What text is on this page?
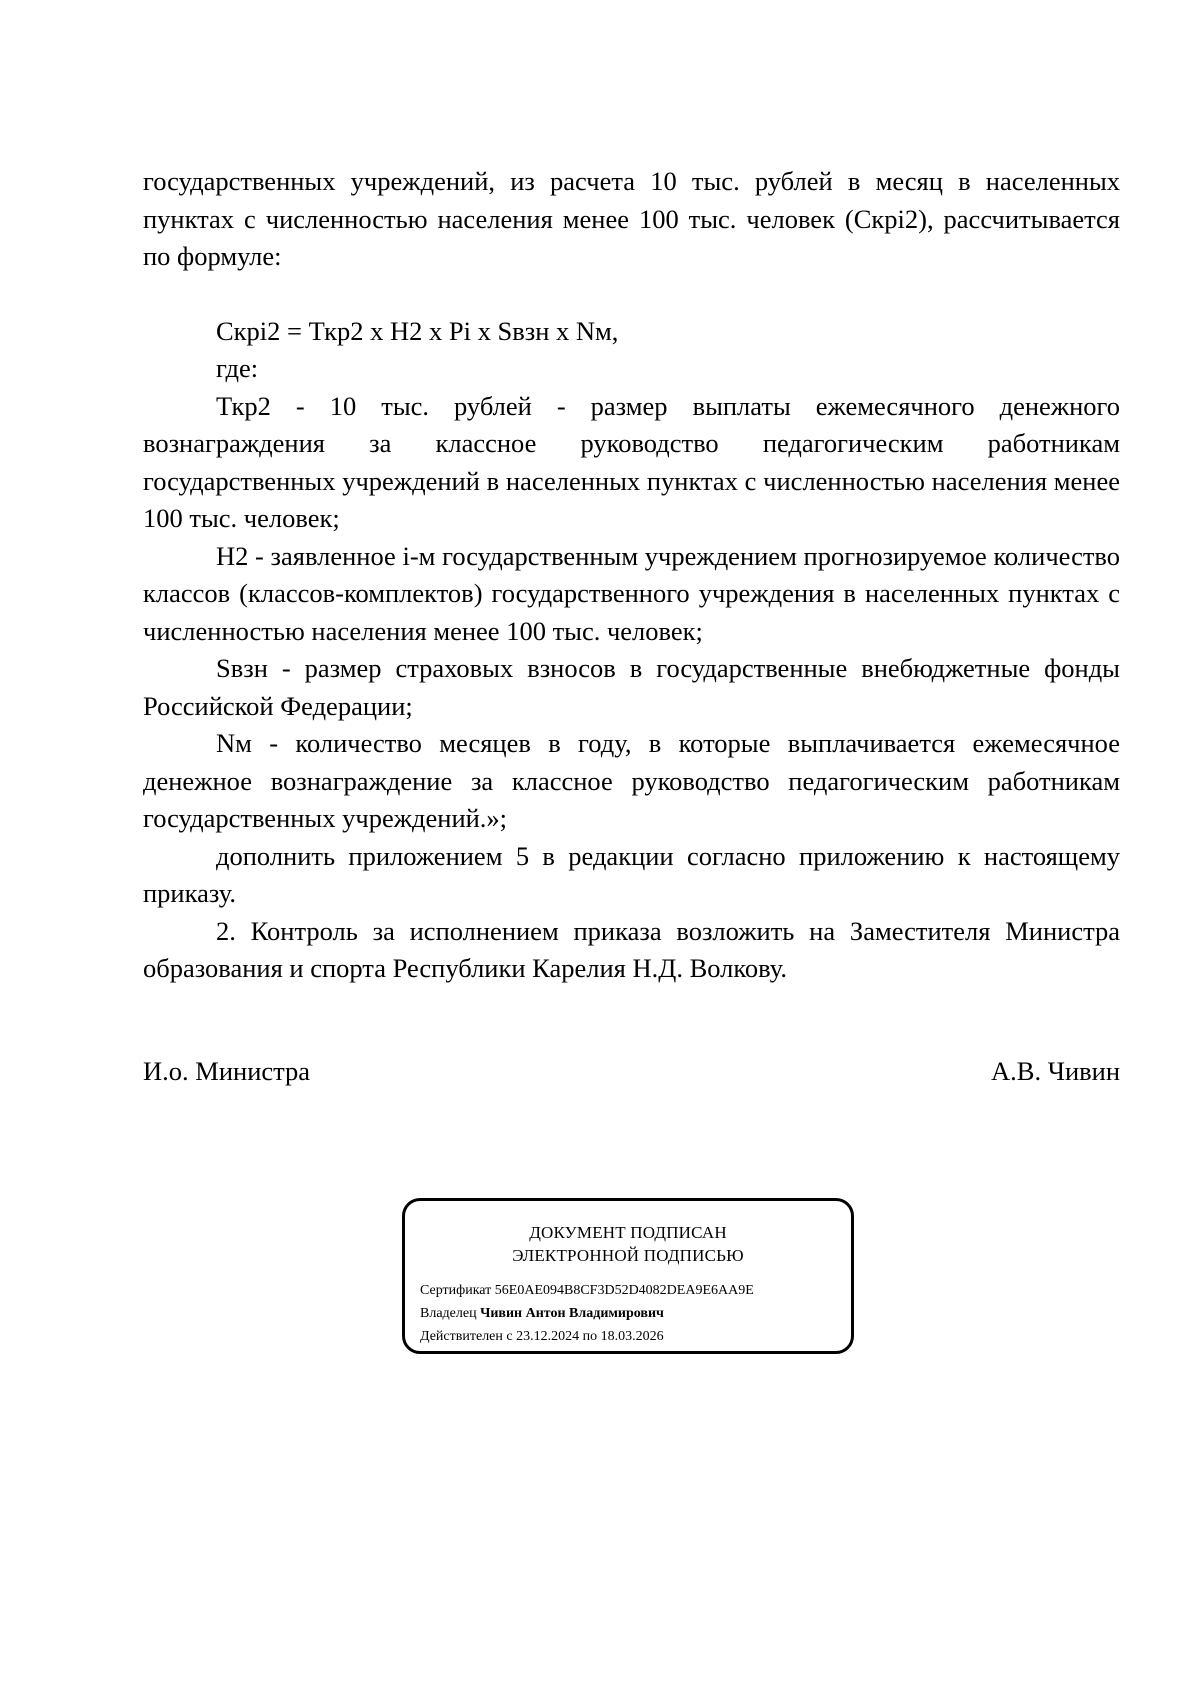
государственных учреждений, из расчета 10 тыс. рублей в месяц в населенных пунктах с численностью населения менее 100 тыс. человек (Скрi2), рассчитывается по формуле:

Скрi2 = Ткр2 x Н2 x Рi x Sвзн x Nм,

где:

Ткр2 - 10 тыс. рублей - размер выплаты ежемесячного денежного вознаграждения за классное руководство педагогическим работникам государственных учреждений в населенных пунктах с численностью населения менее 100 тыс. человек;

Н2 - заявленное i-м государственным учреждением прогнозируемое количество классов (классов-комплектов) государственного учреждения в населенных пунктах с численностью населения менее 100 тыс. человек;

Sвзн - размер страховых взносов в государственные внебюджетные фонды Российской Федерации;

Nм - количество месяцев в году, в которые выплачивается ежемесячное денежное вознаграждение за классное руководство педагогическим работникам государственных учреждений.»;

дополнить приложением 5 в редакции согласно приложению к настоящему приказу.

2. Контроль за исполнением приказа возложить на Заместителя Министра образования и спорта Республики Карелия Н.Д. Волкову.

И.о. Министра	А.В. Чивин
ДОКУМЕНТ ПОДПИСАН
ЭЛЕКТРОННОЙ ПОДПИСЬЮ
Сертификат 56E0AE094B8CF3D52D4082DEA9E6AA9E
Владелец Чивин Антон Владимирович
Действителен с 23.12.2024 по 18.03.2026
